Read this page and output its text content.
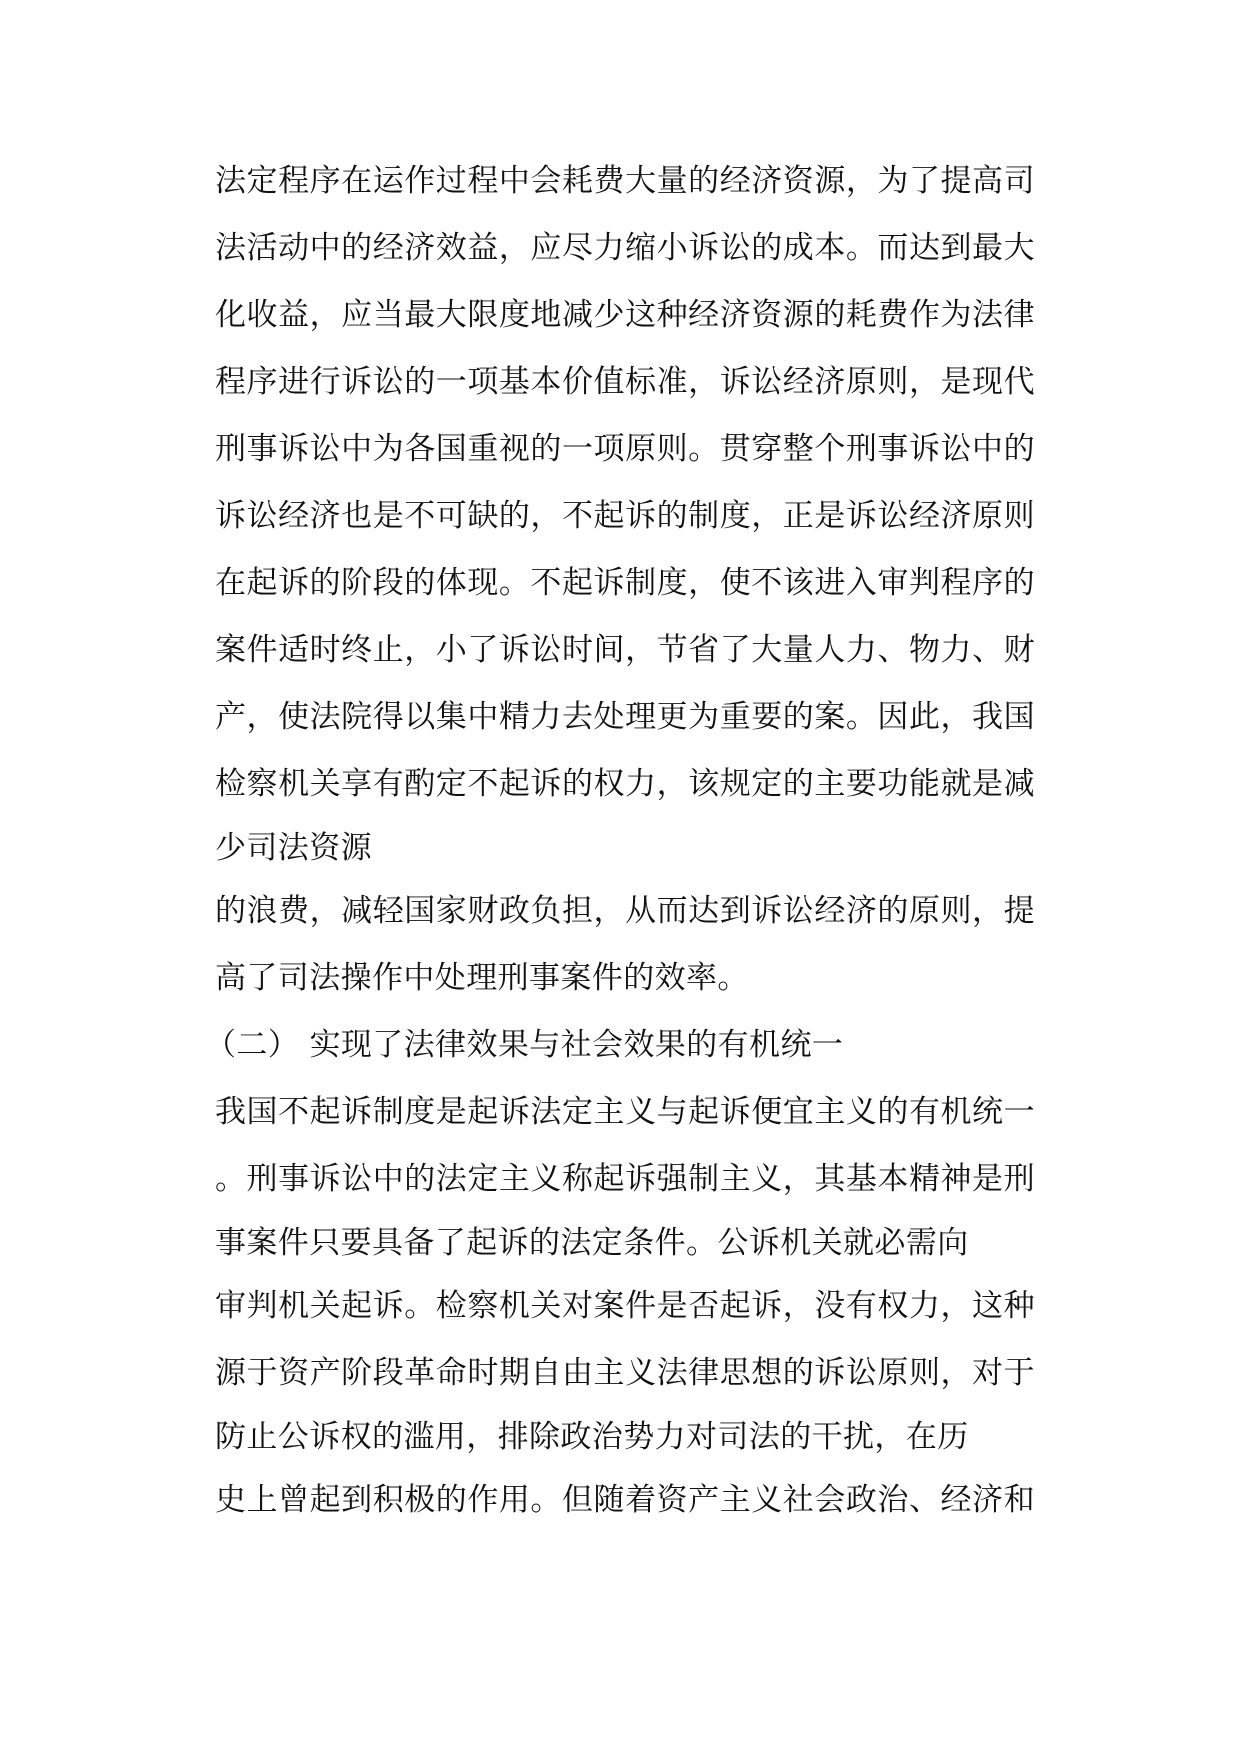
法定程序在运作过程中会耗费大量的经济资源，为了提高司
法活动中的经济效益，应尽力缩小诉讼的成本。而达到最大
化收益，应当最大限度地减少这种经济资源的耗费作为法律
程序进行诉讼的一项基本价值标准，诉讼经济原则，是现代
刑事诉讼中为各国重视的一项原则。贯穿整个刑事诉讼中的
诉讼经济也是不可缺的，不起诉的制度，正是诉讼经济原则
在起诉的阶段的体现。不起诉制度，使不该进入审判程序的
案件适时终止，小了诉讼时间，节省了大量人力、物力、财
产，使法院得以集中精力去处理更为重要的案。因此，我国
检察机关享有酌定不起诉的权力，该规定的主要功能就是减
少司法资源
的浪费，减轻国家财政负担，从而达到诉讼经济的原则，提
高了司法操作中处理刑事案件的效率。
（二） 实现了法律效果与社会效果的有机统一
我国不起诉制度是起诉法定主义与起诉便宜主义的有机统一
。刑事诉讼中的法定主义称起诉强制主义，其基本精神是刑
事案件只要具备了起诉的法定条件。公诉机关就必需向
审判机关起诉。检察机关对案件是否起诉，没有权力，这种
源于资产阶段革命时期自由主义法律思想的诉讼原则，对于
防止公诉权的滥用，排除政治势力对司法的干扰，在历
史上曾起到积极的作用。但随着资产主义社会政治、经济和
